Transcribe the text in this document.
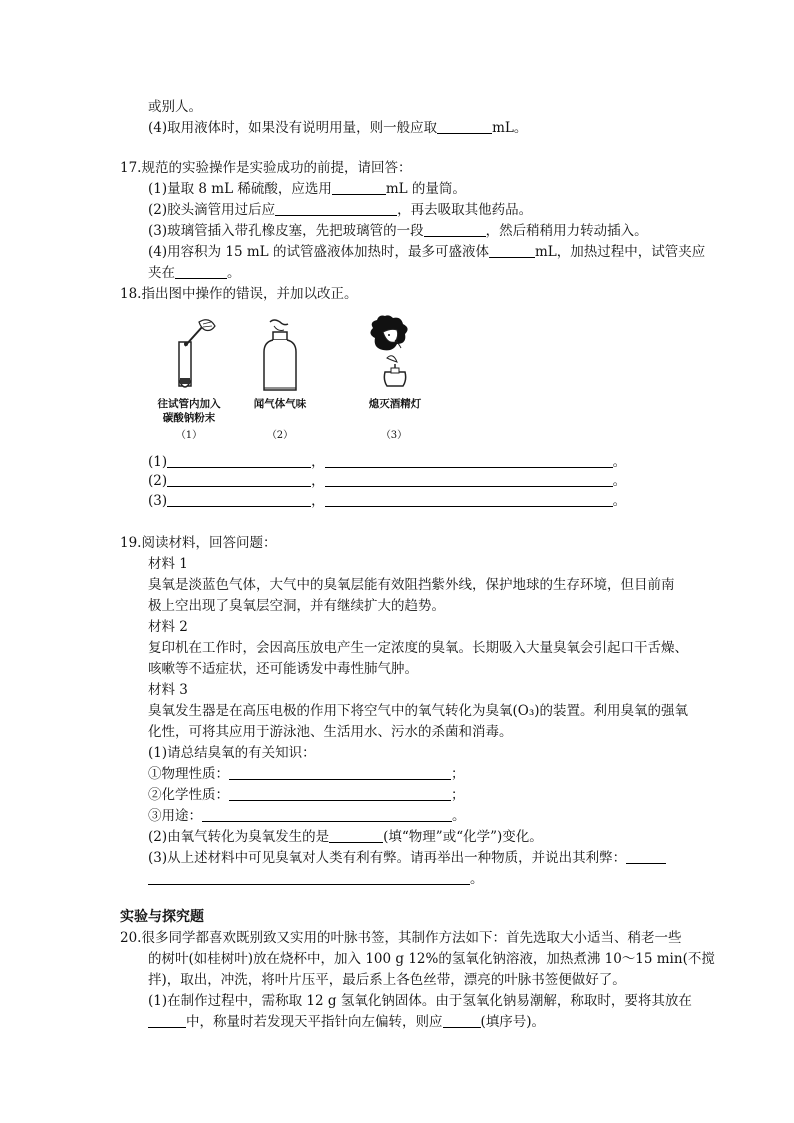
或别人。
(4)取用液体时，如果没有说明用量，则一般应取	mL。
17.规范的实验操作是实验成功的前提，请回答：
(1)量取 8 mL 稀硫酸，应选用	mL 的量筒。
(2)胶头滴管用过后应	，再去吸取其他药品。
(3)玻璃管插入带孔橡皮塞，先把玻璃管的一段	，然后稍稍用力转动插入。
(4)用容积为 15 mL 的试管盛液体加热时，最多可盛液体	mL，加热过程中，试管夹应
夹在	。
18.指出图中操作的错误，并加以改正。
往试管内加入
碳酸钠粉末
（1）
闻气体气味
（2）
熄灭酒精灯
（3）
(1)	，	。
(2)	，	。
(3)	，	。
19.阅读材料，回答问题：
材料 1
臭氧是淡蓝色气体，大气中的臭氧层能有效阻挡紫外线，保护地球的生存环境，但目前南
极上空出现了臭氧层空洞，并有继续扩大的趋势。
材料 2
复印机在工作时，会因高压放电产生一定浓度的臭氧。长期吸入大量臭氧会引起口干舌燥、
咳嗽等不适症状，还可能诱发中毒性肺气肿。
材料 3
臭氧发生器是在高压电极的作用下将空气中的氧气转化为臭氧(O₃)的装置。利用臭氧的强氧
化性，可将其应用于游泳池、生活用水、污水的杀菌和消毒。
(1)请总结臭氧的有关知识：
①物理性质：	；
②化学性质：	；
③用途：	。
(2)由氧气转化为臭氧发生的是	(填“物理”或“化学”)变化。
(3)从上述材料中可见臭氧对人类有利有弊。请再举出一种物质，并说出其利弊：
。
实验与探究题
20.很多同学都喜欢既别致又实用的叶脉书签，其制作方法如下：首先选取大小适当、稍老一些
的树叶(如桂树叶)放在烧杯中，加入 100 g 12%的氢氧化钠溶液，加热煮沸 10～15 min(不搅
拌)，取出，冲洗，将叶片压平，最后系上各色丝带，漂亮的叶脉书签便做好了。
(1)在制作过程中，需称取 12 g 氢氧化钠固体。由于氢氧化钠易潮解，称取时，要将其放在
中，称量时若发现天平指针向左偏转，则应	(填序号)。
